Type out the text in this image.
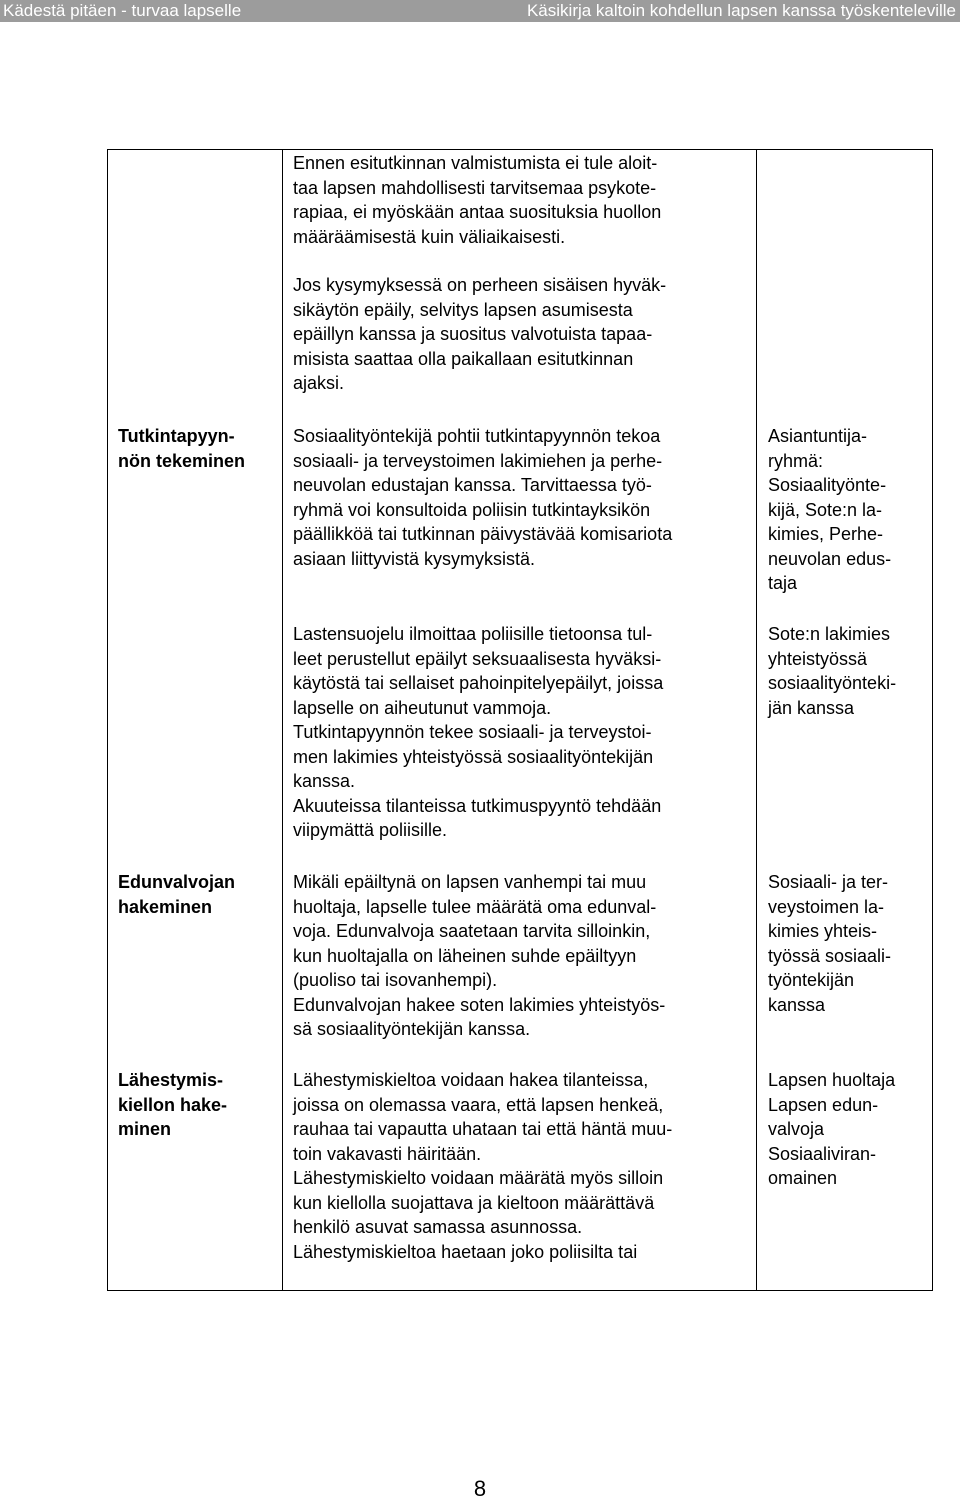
Kädestä pitäen - turvaa lapselle	Käsikirja kaltoin kohdellun lapsen kanssa työskenteleville
Ennen esitutkinnan valmistumista ei tule aloit-
taa lapsen mahdollisesti tarvitsemaa psykote-
rapiaa, ei myöskään antaa suosituksia huollon
määräämisestä kuin väliaikaisesti.
Jos kysymyksessä on perheen sisäisen hyväk-
sikäytön epäily, selvitys lapsen asumisesta
epäillyn kanssa ja suositus valvotuista tapaa-
misista saattaa olla paikallaan esitutkinnan
ajaksi.
Tutkintapyyn-
nön tekeminen
Sosiaalityöntekijä pohtii tutkintapyynnön tekoa
sosiaali- ja terveystoimen lakimiehen ja perhe-
neuvolan edustajan kanssa. Tarvittaessa työ-
ryhmä voi konsultoida poliisin tutkintayksikön
päällikköä tai tutkinnan päivystävää komisariota
asiaan liittyvistä kysymyksistä.
Asiantuntija-
ryhmä:
Sosiaalityönte-
kijä, Sote:n la-
kimies, Perhe-
neuvolan edus-
taja
Lastensuojelu ilmoittaa poliisille tietoonsa tul-
leet perustellut epäilyt seksuaalisesta hyväksi-
käytöstä tai sellaiset pahoinpitelyepäilyt, joissa
lapselle on aiheutunut vammoja.
Tutkintapyynnön tekee sosiaali- ja terveystoi-
men lakimies yhteistyössä sosiaalityöntekijän
kanssa.
Akuuteissa tilanteissa tutkimuspyyntö tehdään
viipymättä poliisille.
Sote:n lakimies
yhteistyössä
sosiaalityönteki-
jän kanssa
Edunvalvojan
hakeminen
Mikäli epäiltynä on lapsen vanhempi tai muu
huoltaja, lapselle tulee määrätä oma edunval-
voja. Edunvalvoja saatetaan tarvita silloinkin,
kun huoltajalla on läheinen suhde epäiltyyn
(puoliso tai isovanhempi).
Edunvalvojan hakee soten lakimies yhteistyös-
sä sosiaalityöntekijän kanssa.
Sosiaali- ja ter-
veystoimen la-
kimies yhteis-
työssä sosiaali-
työntekijän
kanssa
Lähestymis-
kiellon hake-
minen
Lähestymiskieltoa voidaan hakea tilanteissa,
joissa on olemassa vaara, että lapsen henkeä,
rauhaa tai vapautta uhataan tai että häntä muu-
toin vakavasti häiritään.
Lähestymiskielto voidaan määrätä myös silloin
kun kiellolla suojattava ja kieltoon määrättävä
henkilö asuvat samassa asunnossa.
Lähestymiskieltoa haetaan joko poliisilta tai
Lapsen huoltaja
Lapsen edun-
valvoja
Sosiaaliviran-
omainen
8
